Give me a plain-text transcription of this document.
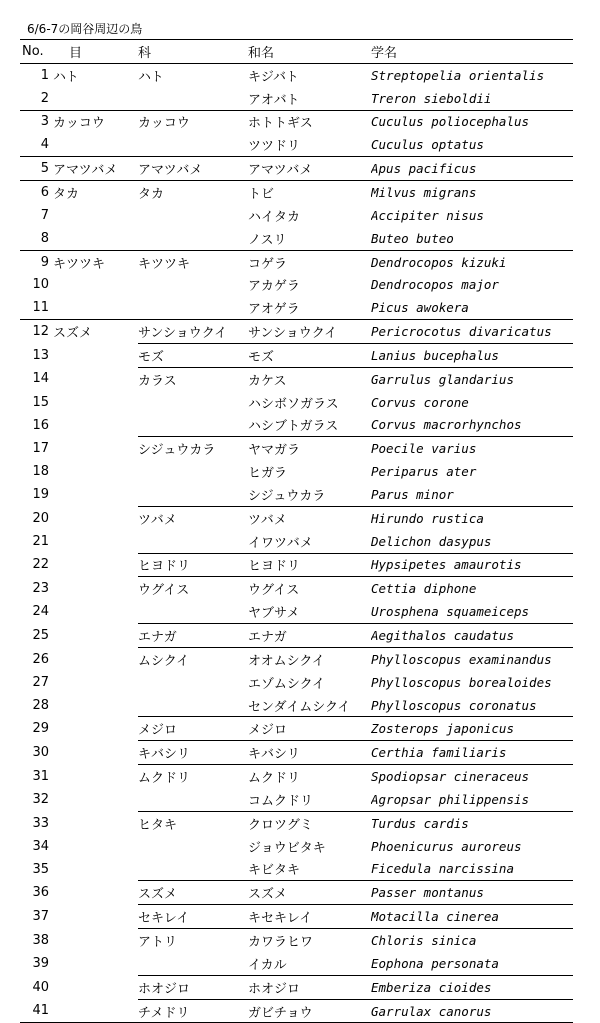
6/6-7の岡谷周辺の鳥
No.	目	科	和名	学名
1	ハト	ハト	キジバト	Streptopelia orientalis
2			アオバト	Treron sieboldii
3	カッコウ	カッコウ	ホトトギス	Cuculus poliocephalus
4			ツツドリ	Cuculus optatus
5	アマツバメ	アマツバメ	アマツバメ	Apus pacificus
6	タカ	タカ	トビ	Milvus migrans
7			ハイタカ	Accipiter nisus
8			ノスリ	Buteo buteo
9	キツツキ	キツツキ	コゲラ	Dendrocopos kizuki
10			アカゲラ	Dendrocopos major
11			アオゲラ	Picus awokera
12	スズメ	サンショウクイ	サンショウクイ	Pericrocotus divaricatus
13		モズ	モズ	Lanius bucephalus
14		カラス	カケス	Garrulus glandarius
15			ハシボソガラス	Corvus corone
16			ハシブトガラス	Corvus macrorhynchos
17		シジュウカラ	ヤマガラ	Poecile varius
18			ヒガラ	Periparus ater
19			シジュウカラ	Parus minor
20		ツバメ	ツバメ	Hirundo rustica
21			イワツバメ	Delichon dasypus
22		ヒヨドリ	ヒヨドリ	Hypsipetes amaurotis
23		ウグイス	ウグイス	Cettia diphone
24			ヤブサメ	Urosphena squameiceps
25		エナガ	エナガ	Aegithalos caudatus
26		ムシクイ	オオムシクイ	Phylloscopus examinandus
27			エゾムシクイ	Phylloscopus borealoides
28			センダイムシクイ	Phylloscopus coronatus
29		メジロ	メジロ	Zosterops japonicus
30		キバシリ	キバシリ	Certhia familiaris
31		ムクドリ	ムクドリ	Spodiopsar cineraceus
32			コムクドリ	Agropsar philippensis
33		ヒタキ	クロツグミ	Turdus cardis
34			ジョウビタキ	Phoenicurus auroreus
35			キビタキ	Ficedula narcissina
36		スズメ	スズメ	Passer montanus
37		セキレイ	キセキレイ	Motacilla cinerea
38		アトリ	カワラヒワ	Chloris sinica
39			イカル	Eophona personata
40		ホオジロ	ホオジロ	Emberiza cioides
41		チメドリ	ガビチョウ	Garrulax canorus
